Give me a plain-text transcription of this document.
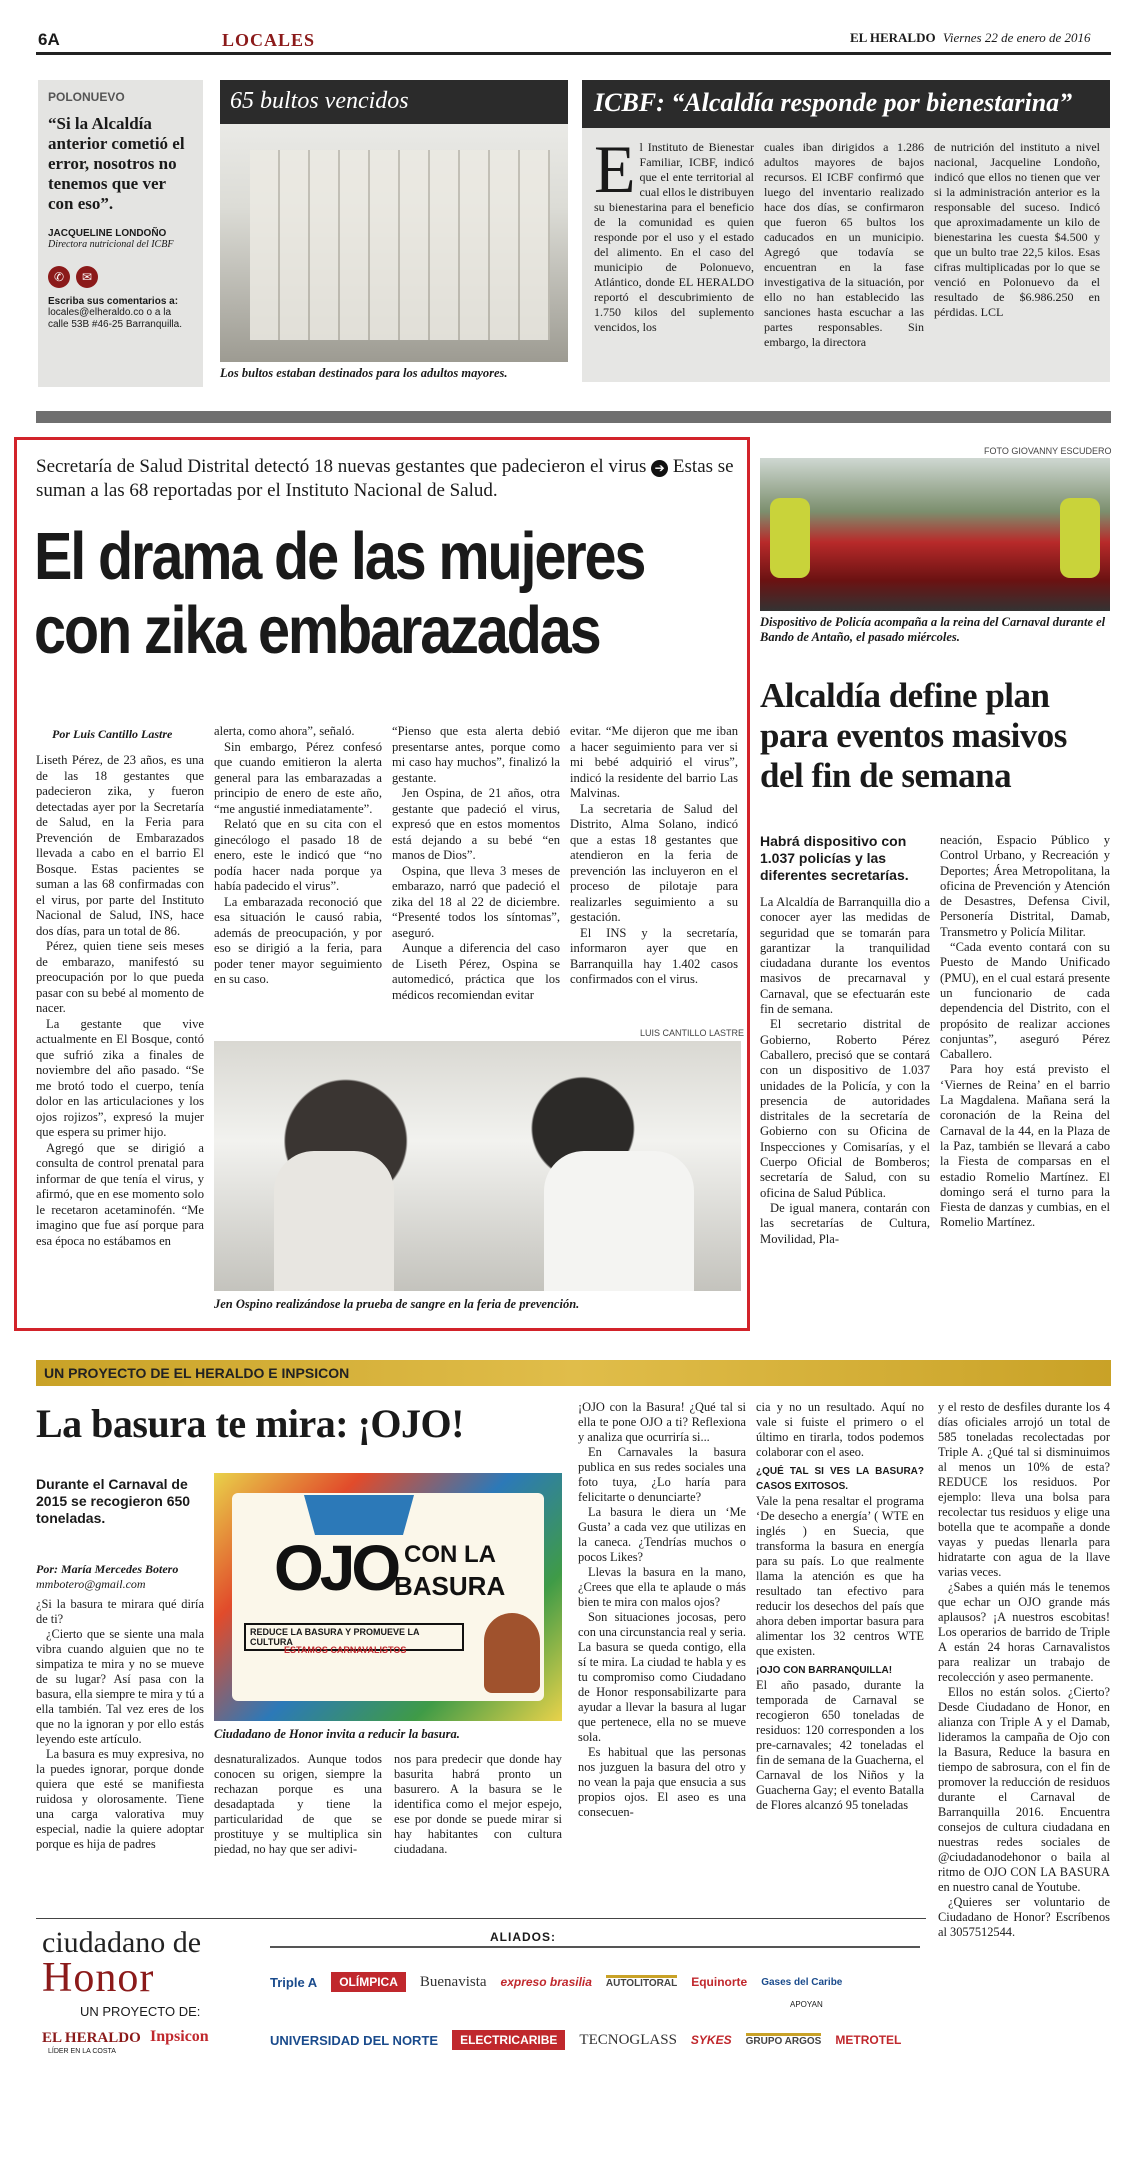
6A	LOCALES	EL HERALDO Viernes 22 de enero de 2016
POLONUEVO
“Si la Alcaldía anterior cometió el error, nosotros no tenemos que ver con eso”.
JACQUELINE LONDOÑO
Directora nutricional del ICBF
✆	✉
Escriba sus comentarios a:
locales@elheraldo.co o a la calle 53B #46-25 Barranquilla.
65 bultos vencidos
Los bultos estaban destinados para los adultos mayores.
ICBF: “Alcaldía responde por bienestarina”
E l Instituto de Bienestar Familiar, ICBF, indicó que el ente territorial al cual ellos le distribuyen su bienestarina para el beneficio de la comunidad es quien responde por el uso y el estado del alimento. En el caso del municipio de Polonuevo, Atlántico, donde EL HERALDO reportó el descubrimiento de 1.750 kilos del suplemento vencidos, los
cuales iban dirigidos a 1.286 adultos mayores de bajos recursos. El ICBF confirmó que luego del inventario realizado hace dos días, se confirmaron que fueron 65 bultos los caducados en un municipio. Agregó que todavía se encuentran en la fase investigativa de la situación, por ello no han establecido las sanciones hasta escuchar a las partes responsables. Sin embargo, la directora
de nutrición del instituto a nivel nacional, Jacqueline Londoño, indicó que ellos no tienen que ver si la administración anterior es la responsable del suceso. Indicó que aproximadamente un kilo de bienestarina les cuesta $4.500 y que un bulto trae 22,5 kilos. Esas cifras multiplicadas por lo que se venció en Polonuevo da el resultado de $6.986.250 en pérdidas. LCL
Secretaría de Salud Distrital detectó 18 nuevas gestantes que padecieron el virus ➔ Estas se suman a las 68 reportadas por el Instituto Nacional de Salud.
El drama de las mujeres con zika embarazadas
Por Luis Cantillo Lastre

Liseth Pérez, de 23 años, es una de las 18 gestantes que padecieron zika, y fueron detectadas ayer por la Secretaría de Salud, en la Feria para Prevención de Embarazados llevada a cabo en el barrio El Bosque. Estas pacientes se suman a las 68 confirmadas con el virus, por parte del Instituto Nacional de Salud, INS, hace dos días, para un total de 86.

Pérez, quien tiene seis meses de embarazo, manifestó su preocupación por lo que pueda pasar con su bebé al momento de nacer.

La gestante que vive actualmente en El Bosque, contó que sufrió zika a finales de noviembre del año pasado. “Se me brotó todo el cuerpo, tenía dolor en las articulaciones y los ojos rojizos”, expresó la mujer que espera su primer hijo.

Agregó que se dirigió a consulta de control prenatal para informar de que tenía el virus, y afirmó, que en ese momento solo le recetaron acetaminofén. “Me imagino que fue así porque para esa época no estábamos en

alerta, como ahora”, señaló.

Sin embargo, Pérez confesó que cuando emitieron la alerta general para las embarazadas a principio de enero de este año, “me angustié inmediatamente”.

Relató que en su cita con el ginecólogo el pasado 18 de enero, este le indicó que “no podía hacer nada porque ya había padecido el virus”.

La embarazada reconoció que esa situación le causó rabia, además de preocupación, y por eso se dirigió a la feria, para poder tener mayor seguimiento en su caso.

“Pienso que esta alerta debió presentarse antes, porque como mi caso hay muchos”, finalizó la gestante.

Jen Ospina, de 21 años, otra gestante que padeció el virus, expresó que en estos momentos está dejando a su bebé “en manos de Dios”.

Ospina, que lleva 3 meses de embarazo, narró que padeció el zika del 18 al 22 de diciembre. “Presenté todos los síntomas”, aseguró.

Aunque a diferencia del caso de Liseth Pérez, Ospina se automedicó, práctica que los médicos recomiendan evitar

evitar. “Me dijeron que me iban a hacer seguimiento para ver si mi bebé adquirió el virus”, indicó la residente del barrio Las Malvinas.

La secretaria de Salud del Distrito, Alma Solano, indicó que a estas 18 gestantes que atendieron en la feria de prevención las incluyeron en el proceso de pilotaje para realizarles seguimiento a su gestación.

El INS y la secretaría, informaron ayer que en Barranquilla hay 1.402 casos confirmados con el virus.

LUIS CANTILLO LASTRE
Jen Ospino realizándose la prueba de sangre en la feria de prevención.
FOTO GIOVANNY ESCUDERO
Dispositivo de Policía acompaña a la reina del Carnaval durante el Bando de Antaño, el pasado miércoles.
Alcaldía define plan para eventos masivos del fin de semana
Habrá dispositivo con 1.037 policías y las diferentes secretarías.

La Alcaldía de Barranquilla dio a conocer ayer las medidas de seguridad que se tomarán para garantizar la tranquilidad ciudadana durante los eventos masivos de precarnaval y Carnaval, que se efectuarán este fin de semana.

El secretario distrital de Gobierno, Roberto Pérez Caballero, precisó que se contará con un dispositivo de 1.037 unidades de la Policía, y con la presencia de autoridades distritales de la secretaría de Gobierno con su Oficina de Inspecciones y Comisarías, y el Cuerpo Oficial de Bomberos; secretaría de Salud, con su oficina de Salud Pública.

De igual manera, contarán con las secretarías de Cultura, Movilidad, Pla-

neación, Espacio Público y Control Urbano, y Recreación y Deportes; Área Metropolitana, la oficina de Prevención y Atención de Desastres, Defensa Civil, Personería Distrital, Damab, Transmetro y Policía Militar.

“Cada evento contará con su Puesto de Mando Unificado (PMU), en el cual estará presente un funcionario de cada dependencia del Distrito, con el propósito de realizar acciones conjuntas”, aseguró Pérez Caballero.

Para hoy está previsto el ‘Viernes de Reina’ en el barrio La Magdalena. Mañana será la coronación de la Reina del Carnaval de la 44, en la Plaza de la Paz, también se llevará a cabo la Fiesta de comparsas en el estadio Romelio Martínez. El domingo será el turno para la Fiesta de danzas y cumbias, en el Romelio Martínez.

UN PROYECTO DE EL HERALDO E INPSICON
La basura te mira: ¡OJO!
Durante el Carnaval de 2015 se recogieron 650 toneladas.
Por: María Mercedes Botero
mmbotero@gmail.com OJO CON LA
BASURA
REDUCE LA BASURA Y PROMUEVE LA CULTURA
ESTAMOS CARNAVALISTOS
Ciudadano de Honor invita a reducir la basura.

¿Si la basura te mirara qué diría de ti?

¿Cierto que se siente una mala vibra cuando alguien que no te simpatiza te mira y no se mueve de su lugar? Así pasa con la basura, ella siempre te mira y tú a ella también. Tal vez eres de los que no la ignoran y por ello estás leyendo este artículo.

La basura es muy expresiva, no la puedes ignorar, porque donde quiera que esté se manifiesta ruidosa y olorosamente. Tiene una carga valorativa muy especial, nadie la quiere adoptar porque es hija de padres

desnaturalizados. Aunque todos conocen su origen, siempre la rechazan porque es una desadaptada y tiene la particularidad de que se prostituye y se multiplica sin piedad, no hay que ser adivi-
nos para predecir que donde hay basurita habrá pronto un basurero. A la basura se le identifica como el mejor espejo, ese por donde se puede mirar si hay habitantes con cultura ciudadana.

¡OJO con la Basura! ¿Qué tal si ella te pone OJO a ti? Reflexiona y analiza que ocurriría si...

En Carnavales la basura publica en sus redes sociales una foto tuya, ¿Lo haría para felicitarte o denunciarte?

La basura le diera un ‘Me Gusta’ a cada vez que utilizas en la caneca. ¿Tendrías muchos o pocos Likes?

Llevas la basura en la mano, ¿Crees que ella te aplaude o más bien te mira con malos ojos?

Son situaciones jocosas, pero con una circunstancia real y seria. La basura se queda contigo, ella sí te mira. La ciudad te habla y es tu compromiso como Ciudadano de Honor responsabilizarte para ayudar a llevar la basura al lugar que pertenece, ella no se mueve sola.

Es habitual que las personas nos juzguen la basura del otro y no vean la paja que ensucia a sus propios ojos. El aseo es una consecuen-

cia y no un resultado. Aquí no vale si fuiste el primero o el último en tirarla, todos podemos colaborar con el aseo.

¿QUÉ TAL SI VES LA BASURA? CASOS EXITOSOS.

Vale la pena resaltar el programa ‘De desecho a energía’ ( WTE en inglés ) en Suecia, que transforma la basura en energía para su país. Lo que realmente llama la atención es que ha resultado tan efectivo para reducir los desechos del país que ahora deben importar basura para alimentar los 32 centros WTE que existen.

¡OJO CON BARRANQUILLA!

El año pasado, durante la temporada de Carnaval se recogieron 650 toneladas de residuos: 120 corresponden a los pre-carnavales; 42 toneladas el fin de semana de la Guacherna, el Carnaval de los Niños y la Guacherna Gay; el evento Batalla de Flores alcanzó 95 toneladas

y el resto de desfiles durante los 4 días oficiales arrojó un total de 585 toneladas recolectadas por Triple A. ¿Qué tal si disminuimos al menos un 10% de esta? REDUCE los residuos. Por ejemplo: lleva una bolsa para recolectar tus residuos y elige una botella que te acompañe a donde vayas y puedas llenarla para hidratarte con agua de la llave varias veces.

¿Sabes a quién más le tenemos que echar un OJO grande más aplausos? ¡A nuestros escobitas! Los operarios de barrido de Triple A están 24 horas Carnavalistos para realizar un trabajo de recolección y aseo permanente.

Ellos no están solos. ¿Cierto? Desde Ciudadano de Honor, en alianza con Triple A y el Damab, lideramos la campaña de Ojo con la Basura, Reduce la basura en tiempo de sabrosura, con el fin de promover la reducción de residuos durante el Carnaval de Barranquilla 2016. Encuentra consejos de cultura ciudadana en nuestras redes sociales de @ciudadanodehonor o baila al ritmo de OJO CON LA BASURA en nuestro canal de Youtube.

¿Quieres ser voluntario de Ciudadano de Honor? Escríbenos al 3057512544.

ciudadano de
Honor
UN PROYECTO DE:
EL HERALDO
LÍDER EN LA COSTA
Inpsicon
ALIADOS:
APOYAN
Triple A	OLÍMPICA	Buenavista expreso brasilia AUTOLITORAL Equinorte Gases del Caribe
UNIVERSIDAD DEL NORTE	ELECTRICARIBE	TECNOGLASS SYKES GRUPO ARGOS METROTEL
